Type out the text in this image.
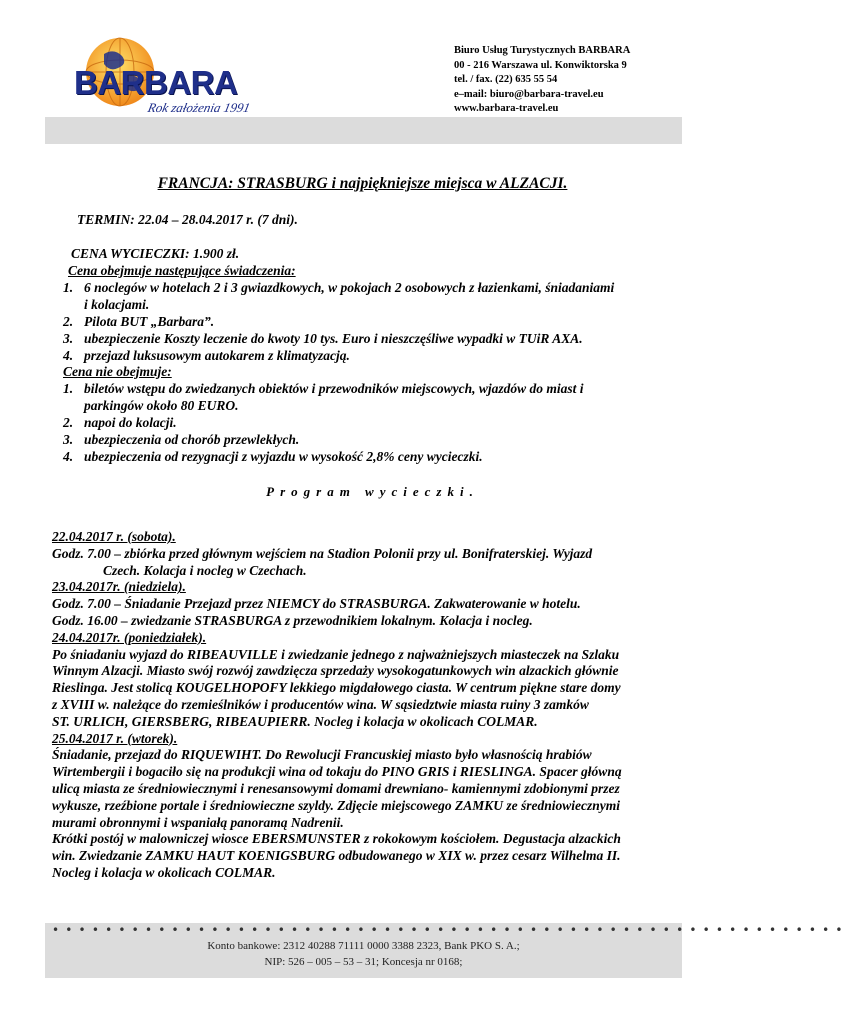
BARBARA
Rok założenia 1991
Biuro Usług Turystycznych BARBARA
00 - 216 Warszawa ul. Konwiktorska 9
tel. / fax. (22) 635 55 54
e–mail: biuro@barbara-travel.eu
www.barbara-travel.eu
FRANCJA: STRASBURG i najpiękniejsze miejsca w ALZACJI.
TERMIN: 22.04 – 28.04.2017 r. (7 dni).
CENA WYCIECZKI: 1.900 zł.
Cena obejmuje następujące świadczenia:
1. 6 noclegów w hotelach 2 i 3 gwiazdkowych, w pokojach 2 osobowych z łazienkami, śniadaniami
i kolacjami.
2. Pilota BUT „Barbara”.
3. ubezpieczenie Koszty leczenie do kwoty 10 tys. Euro i nieszczęśliwe wypadki w TUiR AXA.
4. przejazd luksusowym autokarem z klimatyzacją.
Cena nie obejmuje:
1. biletów wstępu do zwiedzanych obiektów i przewodników miejscowych, wjazdów do miast i
parkingów około 80 EURO.
2. napoi do kolacji.
3. ubezpieczenia od chorób przewlekłych.
4. ubezpieczenia od rezygnacji z wyjazdu w wysokość 2,8% ceny wycieczki.
Program wycieczki.
22.04.2017 r. (sobota).
Godz. 7.00 – zbiórka przed głównym wejściem na Stadion Polonii przy ul. Bonifraterskiej. Wyjazd
Czech. Kolacja i nocleg w Czechach.
23.04.2017r. (niedziela).
Godz. 7.00 – Śniadanie Przejazd przez NIEMCY do STRASBURGA. Zakwaterowanie w hotelu.
Godz. 16.00 – zwiedzanie STRASBURGA z przewodnikiem lokalnym. Kolacja i nocleg.
24.04.2017r. (poniedziałek).
Po śniadaniu wyjazd do RIBEAUVILLE i zwiedzanie jednego z najważniejszych miasteczek na Szlaku
Winnym Alzacji. Miasto swój rozwój zawdzięcza sprzedaży wysokogatunkowych win alzackich głównie
Rieslinga. Jest stolicą KOUGELHOPOFY lekkiego migdałowego ciasta. W centrum piękne stare domy
z XVIII w. należące do rzemieślników i producentów wina. W sąsiedztwie miasta ruiny 3 zamków
ST. URLICH, GIERSBERG, RIBEAUPIERR. Nocleg i kolacja w okolicach COLMAR.
25.04.2017 r. (wtorek).
Śniadanie, przejazd do RIQUEWIHT. Do Rewolucji Francuskiej miasto było własnością hrabiów
Wirtembergii i bogaciło się na produkcji wina od tokaju do PINO GRIS i RIESLINGA. Spacer główną
ulicą miasta ze średniowiecznymi i renesansowymi domami drewniano- kamiennymi zdobionymi przez
wykusze, rzeźbione portale i średniowieczne szyldy. Zdjęcie miejscowego ZAMKU ze średniowiecznymi
murami obronnymi i wspaniałą panoramą Nadrenii.
Krótki postój w malowniczej wiosce EBERSMUNSTER z rokokowym kościołem. Degustacja alzackich
win. Zwiedzanie ZAMKU HAUT KOENIGSBURG odbudowanego w XIX w. przez cesarz Wilhelma II.
Nocleg i kolacja w okolicach COLMAR.
••••••••••••••••••••••••••••••••••••••••••••••••••••••••••••
Konto bankowe: 2312 40288 71111 0000 3388 2323, Bank PKO S. A.;
NIP: 526 – 005 – 53 – 31; Koncesja nr 0168;
